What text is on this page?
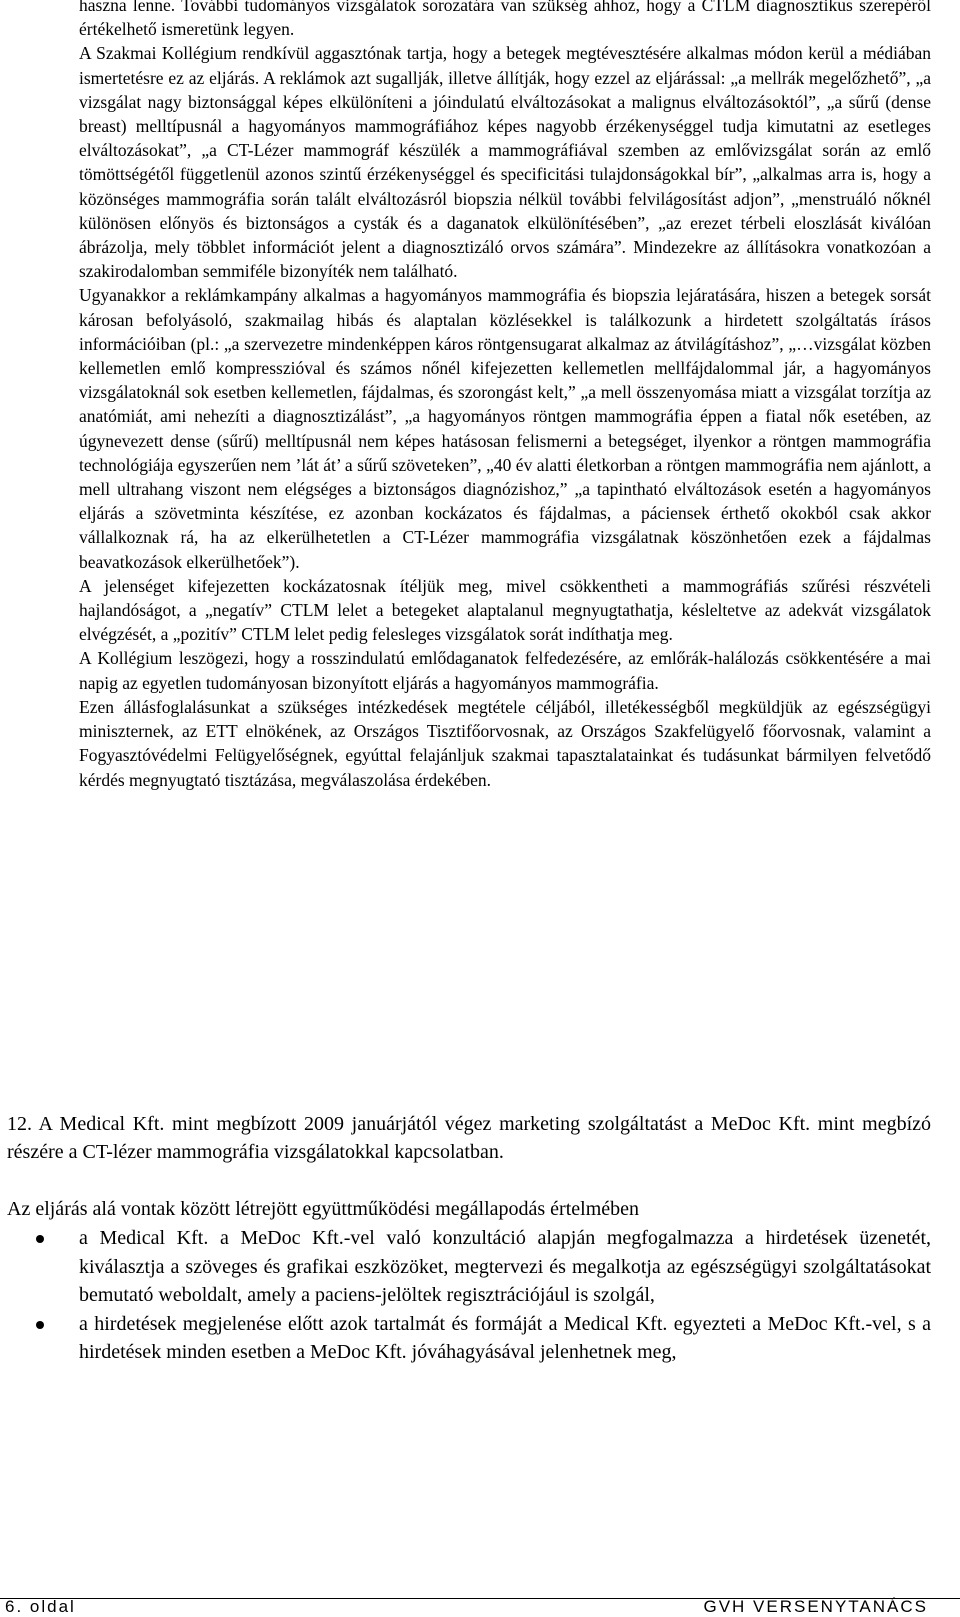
haszna lenne. További tudományos vizsgálatok sorozatára van szükség ahhoz, hogy a CTLM diagnosztikus szerepéről értékelhető ismeretünk legyen.

A Szakmai Kollégium rendkívül aggasztónak tartja, hogy a betegek megtévesztésére alkalmas módon kerül a médiában ismertetésre ez az eljárás. A reklámok azt sugallják, illetve állítják, hogy ezzel az eljárással: „a mellrák megelőzhető”, „a vizsgálat nagy biztonsággal képes elkülöníteni a jóindulatú elváltozásokat a malignus elváltozásoktól”, „a sűrű (dense breast) melltípusnál a hagyományos mammográfiához képes nagyobb érzékenységgel tudja kimutatni az esetleges elváltozásokat”, „a CT-Lézer mammográf készülék a mammográfiával szemben az emlővizsgálat során az emlő tömöttségétől függetlenül azonos szintű érzékenységgel és specificitási tulajdonságokkal bír”, „alkalmas arra is, hogy a közönséges mammográfia során talált elváltozásról biopszia nélkül további felvilágosítást adjon”, „menstruáló nőknél különösen előnyös és biztonságos a cysták és a daganatok elkülönítésében”, „az erezet térbeli eloszlását kiválóan ábrázolja, mely többlet információt jelent a diagnosztizáló orvos számára”. Mindezekre az állításokra vonatkozóan a szakirodalomban semmiféle bizonyíték nem található.

Ugyanakkor a reklámkampány alkalmas a hagyományos mammográfia és biopszia lejáratására, hiszen a betegek sorsát károsan befolyásoló, szakmailag hibás és alaptalan közlésekkel is találkozunk a hirdetett szolgáltatás írásos információiban (pl.: „a szervezetre mindenképpen káros röntgensugarat alkalmaz az átvilágításhoz”, „…vizsgálat közben kellemetlen emlő kompresszióval és számos nőnél kifejezetten kellemetlen mellfájdalommal jár, a hagyományos vizsgálatoknál sok esetben kellemetlen, fájdalmas, és szorongást kelt,” „a mell összenyomása miatt a vizsgálat torzítja az anatómiát, ami nehezíti a diagnosztizálást”, „a hagyományos röntgen mammográfia éppen a fiatal nők esetében, az úgynevezett dense (sűrű) melltípusnál nem képes hatásosan felismerni a betegséget, ilyenkor a röntgen mammográfia technológiája egyszerűen nem ’lát át’ a sűrű szöveteken”, „40 év alatti életkorban a röntgen mammográfia nem ajánlott, a mell ultrahang viszont nem elégséges a biztonságos diagnózishoz,” „a tapintható elváltozások esetén a hagyományos eljárás a szövetminta készítése, ez azonban kockázatos és fájdalmas, a páciensek érthető okokból csak akkor vállalkoznak rá, ha az elkerülhetetlen a CT-Lézer mammográfia vizsgálatnak köszönhetően ezek a fájdalmas beavatkozások elkerülhetőek”).

A jelenséget kifejezetten kockázatosnak ítéljük meg, mivel csökkentheti a mammográfiás szűrési részvételi hajlandóságot, a „negatív” CTLM lelet a betegeket alaptalanul megnyugtathatja, késleltetve az adekvát vizsgálatok elvégzését, a „pozitív” CTLM lelet pedig felesleges vizsgálatok sorát indíthatja meg.

A Kollégium leszögezi, hogy a rosszindulatú emlődaganatok felfedezésére, az emlőrák-halálozás csökkentésére a mai napig az egyetlen tudományosan bizonyított eljárás a hagyományos mammográfia.

Ezen állásfoglalásunkat a szükséges intézkedések megtétele céljából, illetékességből megküldjük az egészségügyi miniszternek, az ETT elnökének, az Országos Tisztifőorvosnak, az Országos Szakfelügyelő főorvosnak, valamint a Fogyasztóvédelmi Felügyelőségnek, egyúttal felajánljuk szakmai tapasztalatainkat és tudásunkat bármilyen felvetődő kérdés megnyugtató tisztázása, megválaszolása érdekében.

12. A Medical Kft. mint megbízott 2009 januárjától végez marketing szolgáltatást a MeDoc Kft. mint megbízó részére a CT-lézer mammográfia vizsgálatokkal kapcsolatban.

Az eljárás alá vontak között létrejött együttműködési megállapodás értelmében

a Medical Kft. a MeDoc Kft.-vel való konzultáció alapján megfogalmazza a hirdetések üzenetét, kiválasztja a szöveges és grafikai eszközöket, megtervezi és megalkotja az egészségügyi szolgáltatásokat bemutató weboldalt, amely a paciens-jelöltek regisztrációjául is szolgál,
a hirdetések megjelenése előtt azok tartalmát és formáját a Medical Kft. egyezteti a MeDoc Kft.-vel, s a hirdetések minden esetben a MeDoc Kft. jóváhagyásával jelenhetnek meg,
6. oldal	GVH VERSENYTANÁCS
